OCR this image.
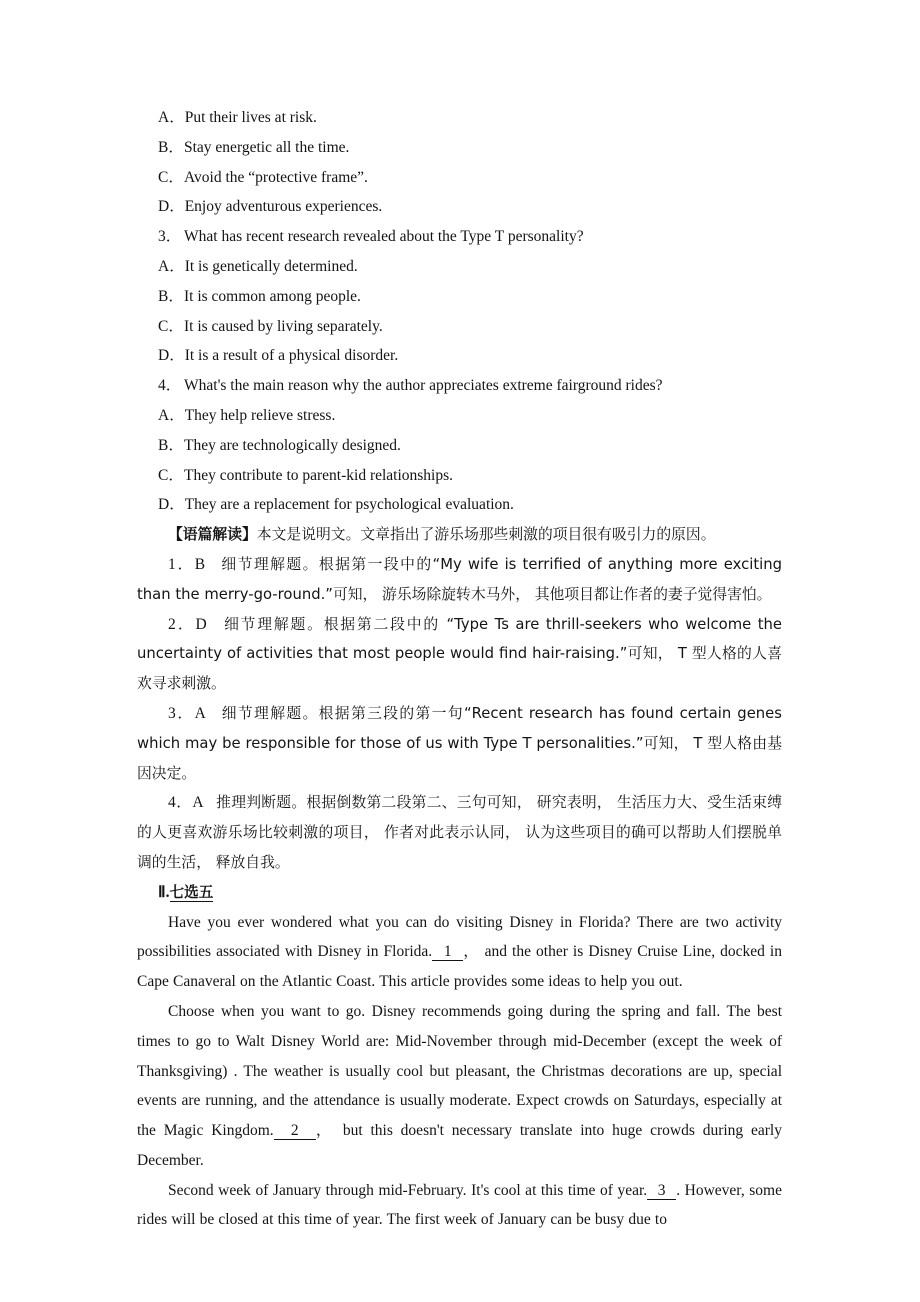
A．Put their lives at risk.
B．Stay energetic all the time.
C．Avoid the “protective frame”.
D．Enjoy adventurous experiences.
3． What has recent research revealed about the Type T personality?
A．It is genetically determined.
B．It is common among people.
C．It is caused by living separately.
D．It is a result of a physical disorder.
4． What's the main reason why the author appreciates extreme fairground rides?
A．They help relieve stress.
B．They are technologically designed.
C．They contribute to parent-kid relationships.
D．They are a replacement for psychological evaluation.

【语篇解读】本文是说明文。文章指出了游乐场那些刺激的项目很有吸引力的原因。

1．B 细节理解题。根据第一段中的“My wife is terrified of anything more exciting than the merry-go-round.”可知， 游乐场除旋转木马外， 其他项目都让作者的妻子觉得害怕。

2．D 细节理解题。根据第二段中的 “Type Ts are thrill-seekers who welcome the uncertainty of activities that most people would find hair-raising.”可知， T 型人格的人喜欢寻求刺激。

3．A 细节理解题。根据第三段的第一句“Recent research has found certain genes which may be responsible for those of us with Type T personalities.”可知， T 型人格由基因决定。

4．A 推理判断题。根据倒数第二段第二、三句可知， 研究表明， 生活压力大、受生活束缚的人更喜欢游乐场比较刺激的项目， 作者对此表示认同， 认为这些项目的确可以帮助人们摆脱单调的生活， 释放自我。

Ⅱ.七选五

Have you ever wondered what you can do visiting Disney in Florida? There are two activity possibilities associated with Disney in Florida.  1  ， and the other is Disney Cruise Line, docked in Cape Canaveral on the Atlantic Coast. This article provides some ideas to help you out.

Choose when you want to go. Disney recommends going during the spring and fall. The best times to go to Walt Disney World are: Mid-November through mid-December (except the week of Thanksgiving) . The weather is usually cool but pleasant, the Christmas decorations are up, special events are running, and the attendance is usually moderate. Expect crowds on Saturdays, especially at the Magic Kingdom.  2  ， but this doesn't necessary translate into huge crowds during early December.

Second week of January through mid-February. It's cool at this time of year.  3  . However, some rides will be closed at this time of year. The first week of January can be busy due to
